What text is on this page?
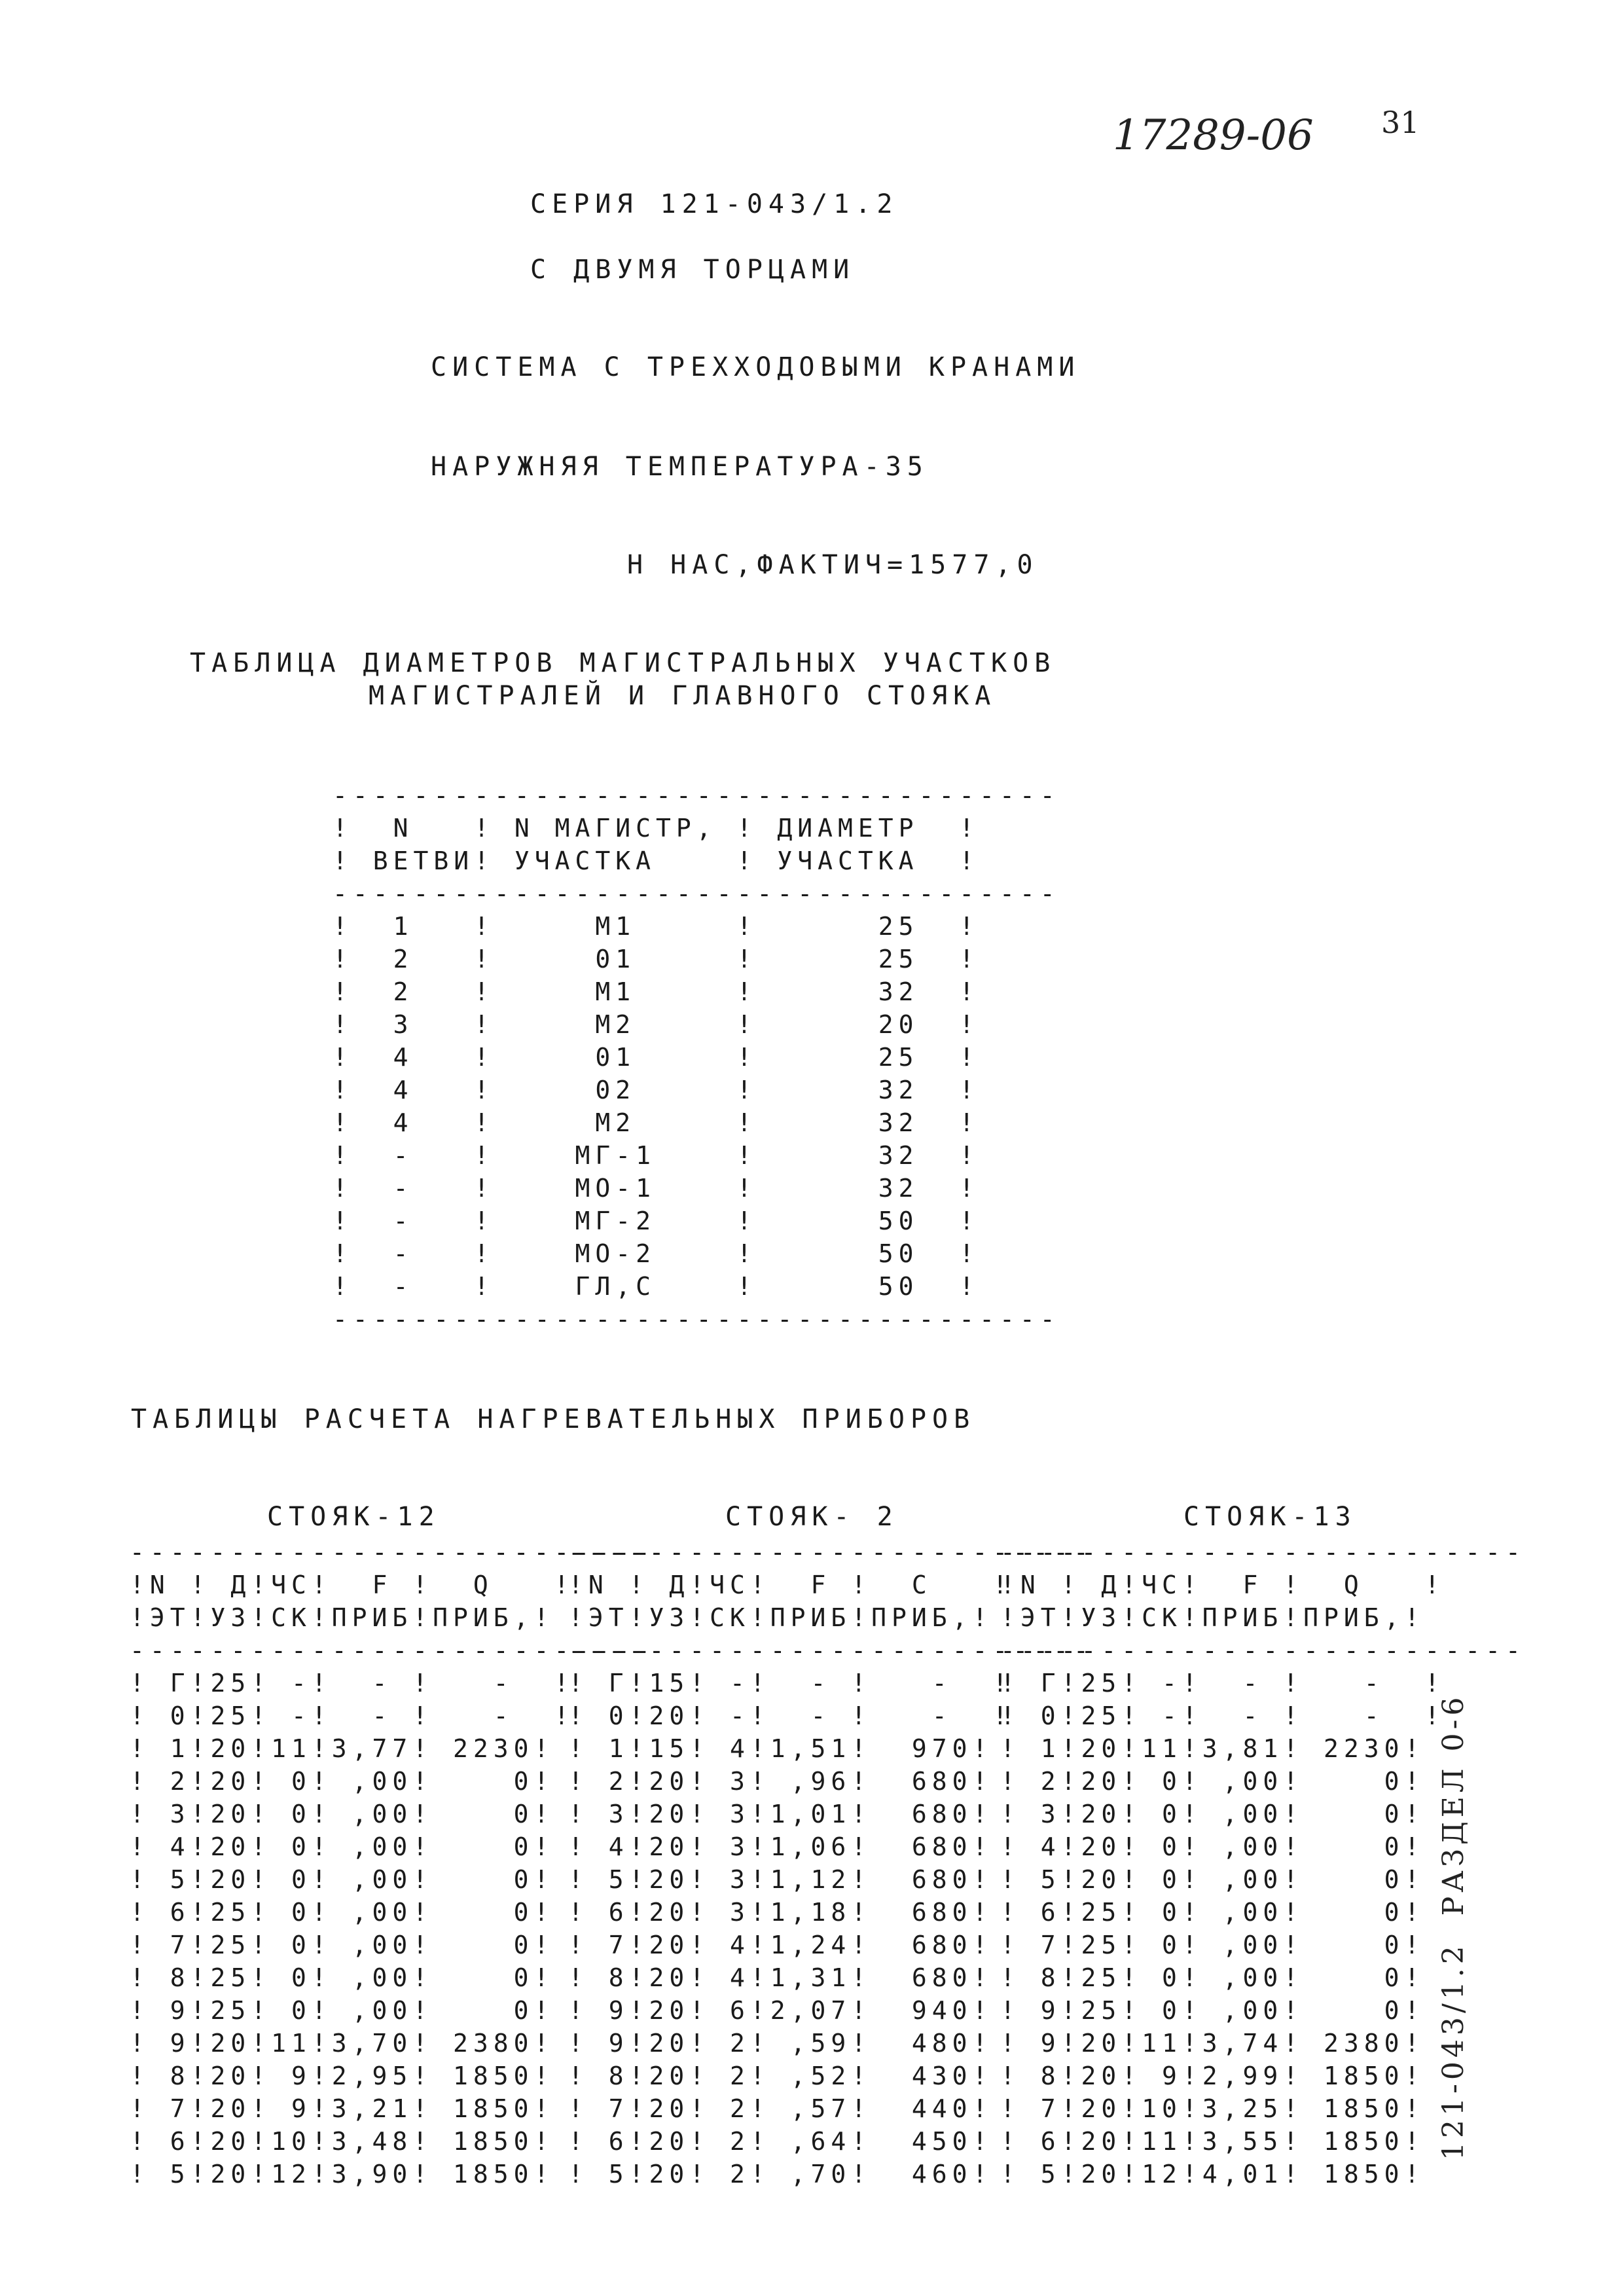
17289-06 31
СЕРИЯ 121-043/1.2
С ДВУМЯ ТОРЦАМИ
СИСТЕМА С ТРЕХХОДОВЫМИ КРАНАМИ
НАРУЖНЯЯ ТЕМПЕРАТУРА-35
Н НАС,ФАКТИЧ=1577,0
ТАБЛИЦА ДИАМЕТРОВ МАГИСТРАЛЬНЫХ УЧАСТКОВ
МАГИСТРАЛЕЙ И ГЛАВНОГО СТОЯКА
------------------------------------
!  N   ! N МАГИСТР, ! ДИАМЕТР  !
! ВЕТВИ! УЧАСТКА    ! УЧАСТКА  !
------------------------------------
!  1   !     М1     !      25  !
!  2   !     01     !      25  !
!  2   !     М1     !      32  !
!  3   !     М2     !      20  !
!  4   !     01     !      25  !
!  4   !     02     !      32  !
!  4   !     М2     !      32  !
!  -   !    МГ-1    !      32  !
!  -   !    МО-1    !      32  !
!  -   !    МГ-2    !      50  !
!  -   !    МО-2    !      50  !
!  -   !    ГЛ,С    !      50  !
------------------------------------
ТАБЛИЦЫ РАСЧЕТА НАГРЕВАТЕЛЬНЫХ ПРИБОРОВ
СТОЯК-12
--------------------------
!N ! Д!ЧС!  F !  Q   !
!ЭТ!УЗ!СК!ПРИБ!ПРИБ,!
--------------------------
! Г!25! -!  - !   -  !
! 0!25! -!  - !   -  !
! 1!20!11!3,77! 2230!
! 2!20! 0! ,00!    0!
! 3!20! 0! ,00!    0!
! 4!20! 0! ,00!    0!
! 5!20! 0! ,00!    0!
! 6!25! 0! ,00!    0!
! 7!25! 0! ,00!    0!
! 8!25! 0! ,00!    0!
! 9!25! 0! ,00!    0!
! 9!20!11!3,70! 2380!
! 8!20! 9!2,95! 1850!
! 7!20! 9!3,21! 1850!
! 6!20!10!3,48! 1850!
! 5!20!12!3,90! 1850!
СТОЯК- 2
--------------------------
!N ! Д!ЧС!  F !  С   !
!ЭТ!УЗ!СК!ПРИБ!ПРИБ,!
--------------------------
! Г!15! -!  - !   -  !
! 0!20! -!  - !   -  !
! 1!15! 4!1,51!  970!
! 2!20! 3! ,96!  680!
! 3!20! 3!1,01!  680!
! 4!20! 3!1,06!  680!
! 5!20! 3!1,12!  680!
! 6!20! 3!1,18!  680!
! 7!20! 4!1,24!  680!
! 8!20! 4!1,31!  680!
! 9!20! 6!2,07!  940!
! 9!20! 2! ,59!  480!
! 8!20! 2! ,52!  430!
! 7!20! 2! ,57!  440!
! 6!20! 2! ,64!  450!
! 5!20! 2! ,70!  460!
СТОЯК-13
--------------------------
!N ! Д!ЧС!  F !  Q   !
!ЭТ!УЗ!СК!ПРИБ!ПРИБ,!
--------------------------
! Г!25! -!  - !   -  !
! 0!25! -!  - !   -  !
! 1!20!11!3,81! 2230!
! 2!20! 0! ,00!    0!
! 3!20! 0! ,00!    0!
! 4!20! 0! ,00!    0!
! 5!20! 0! ,00!    0!
! 6!25! 0! ,00!    0!
! 7!25! 0! ,00!    0!
! 8!25! 0! ,00!    0!
! 9!25! 0! ,00!    0!
! 9!20!11!3,74! 2380!
! 8!20! 9!2,99! 1850!
! 7!20!10!3,25! 1850!
! 6!20!11!3,55! 1850!
! 5!20!12!4,01! 1850!
121-043/1.2  РАЗДЕЛ 0-6
